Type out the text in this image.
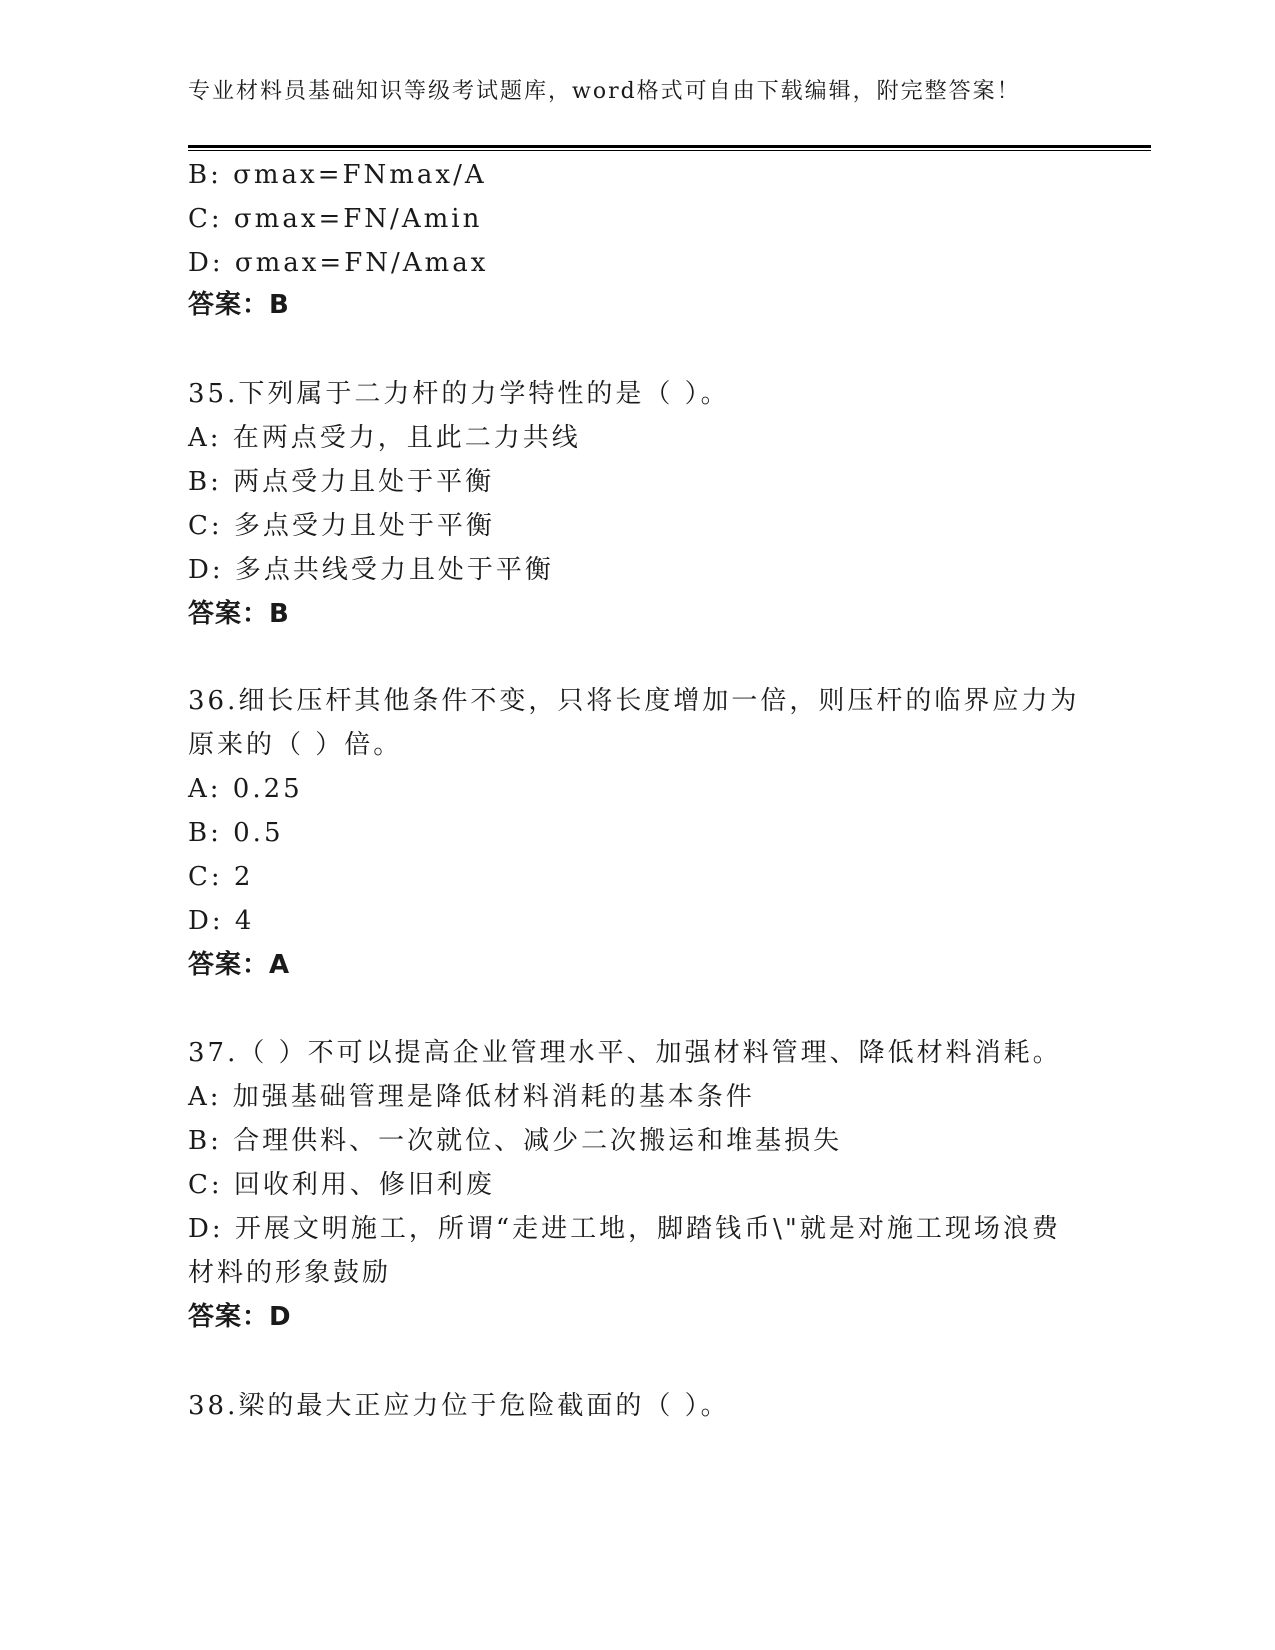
专业材料员基础知识等级考试题库，word格式可自由下载编辑，附完整答案！
B: σmax=FNmax/A
C: σmax=FN/Amin
D: σmax=FN/Amax
答案：B
35.下列属于二力杆的力学特性的是（ ）。
A: 在两点受力，且此二力共线
B: 两点受力且处于平衡
C: 多点受力且处于平衡
D: 多点共线受力且处于平衡
答案：B
36.细长压杆其他条件不变，只将长度增加一倍，则压杆的临界应力为
原来的（ ）倍。
A: 0.25
B: 0.5
C: 2
D: 4
答案：A
37.（ ）不可以提高企业管理水平、加强材料管理、降低材料消耗。
A: 加强基础管理是降低材料消耗的基本条件
B: 合理供料、一次就位、减少二次搬运和堆基损失
C: 回收利用、修旧利废
D: 开展文明施工，所谓“走进工地，脚踏钱币\"就是对施工现场浪费
材料的形象鼓励
答案：D
38.梁的最大正应力位于危险截面的（ ）。
